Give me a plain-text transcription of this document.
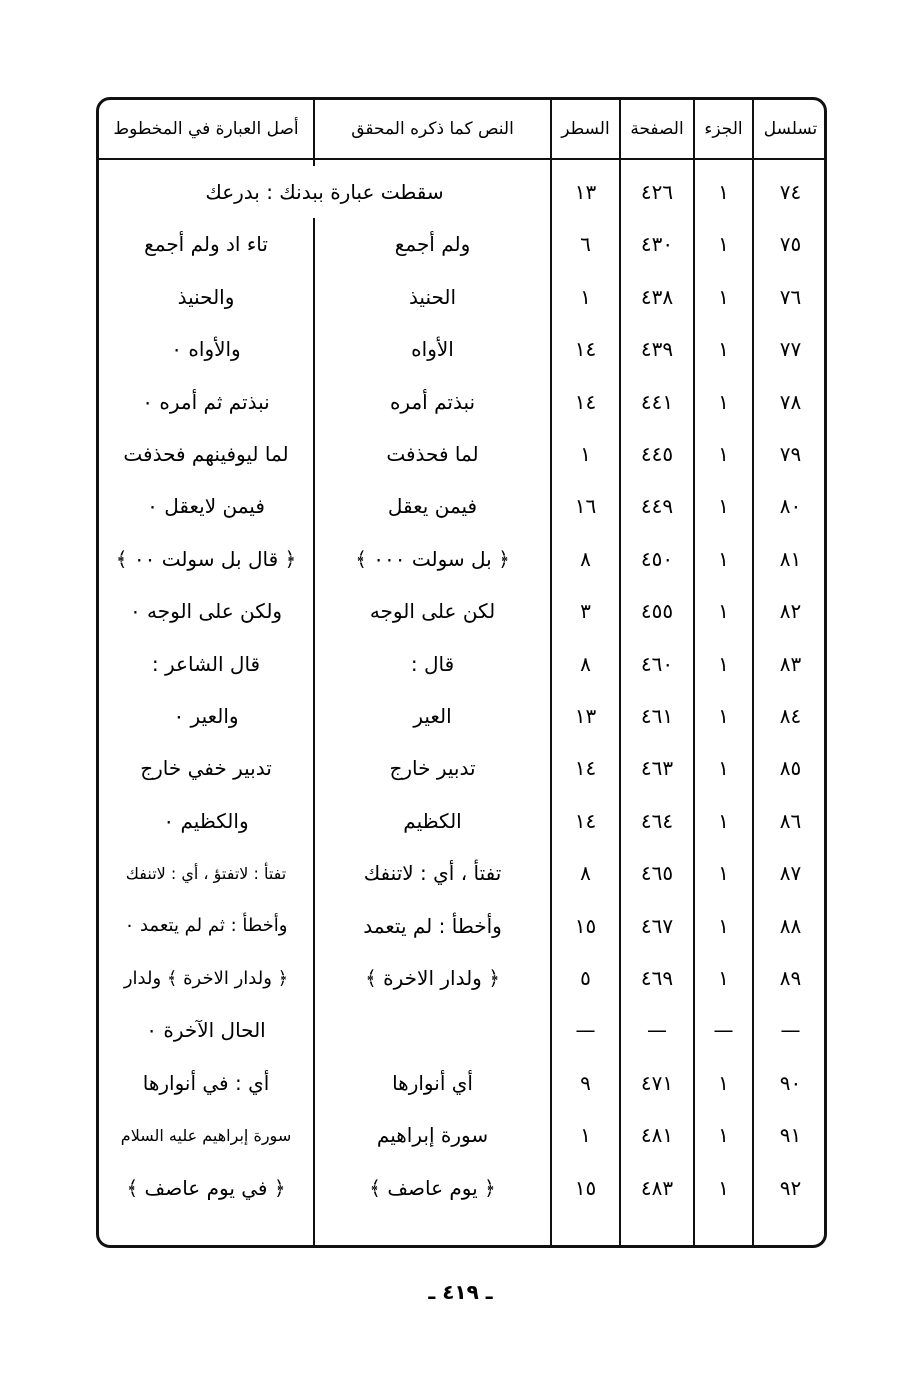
تسلسل
الجزء
الصفحة
السطر
النص كما ذكره المحقق
أصل العبارة في المخطوط
٧٤
١
٤٢٦
١٣
سقطت عبارة ببدنك : بدرعك
٧٥
١
٤٣٠
٦
ولم أجمع
تاء اد ولم أجمع
٧٦
١
٤٣٨
١
الحنيذ
والحنيذ
٧٧
١
٤٣٩
١٤
الأواه
والأواه ٠
٧٨
١
٤٤١
١٤
نبذتم أمره
نبذتم ثم أمره ٠
٧٩
١
٤٤٥
١
لما فحذفت
لما ليوفينهم فحذفت
٨٠
١
٤٤٩
١٦
فيمن يعقل
فيمن لايعقل ٠
٨١
١
٤٥٠
٨
﴿ بل سولت ٠٠٠ ﴾
﴿ قال بل سولت ٠٠ ﴾
٨٢
١
٤٥٥
٣
لكن على الوجه
ولكن على الوجه ٠
٨٣
١
٤٦٠
٨
قال :
قال الشاعر :
٨٤
١
٤٦١
١٣
العير
والعير ٠
٨٥
١
٤٦٣
١٤
تدبير خارج
تدبير خفي خارج
٨٦
١
٤٦٤
١٤
الكظيم
والكظيم ٠
٨٧
١
٤٦٥
٨
تفتأ ، أي : لاتنفك
تفتأ : لاتفتؤ ، أي : لاتنفك
٨٨
١
٤٦٧
١٥
وأخطأ : لم يتعمد
وأخطأ : ثم لم يتعمد ٠
٨٩
١
٤٦٩
٥
﴿ ولدار الاخرة ﴾
﴿ ولدار الاخرة ﴾ ولدار
—
—
—
—
الحال الآخرة ٠
٩٠
١
٤٧١
٩
أي أنوارها
أي : في أنوارها
٩١
١
٤٨١
١
سورة إبراهيم
سورة إبراهيم عليه السلام
٩٢
١
٤٨٣
١٥
﴿ يوم عاصف ﴾
﴿ في يوم عاصف ﴾
ـ ٤١٩ ـ
